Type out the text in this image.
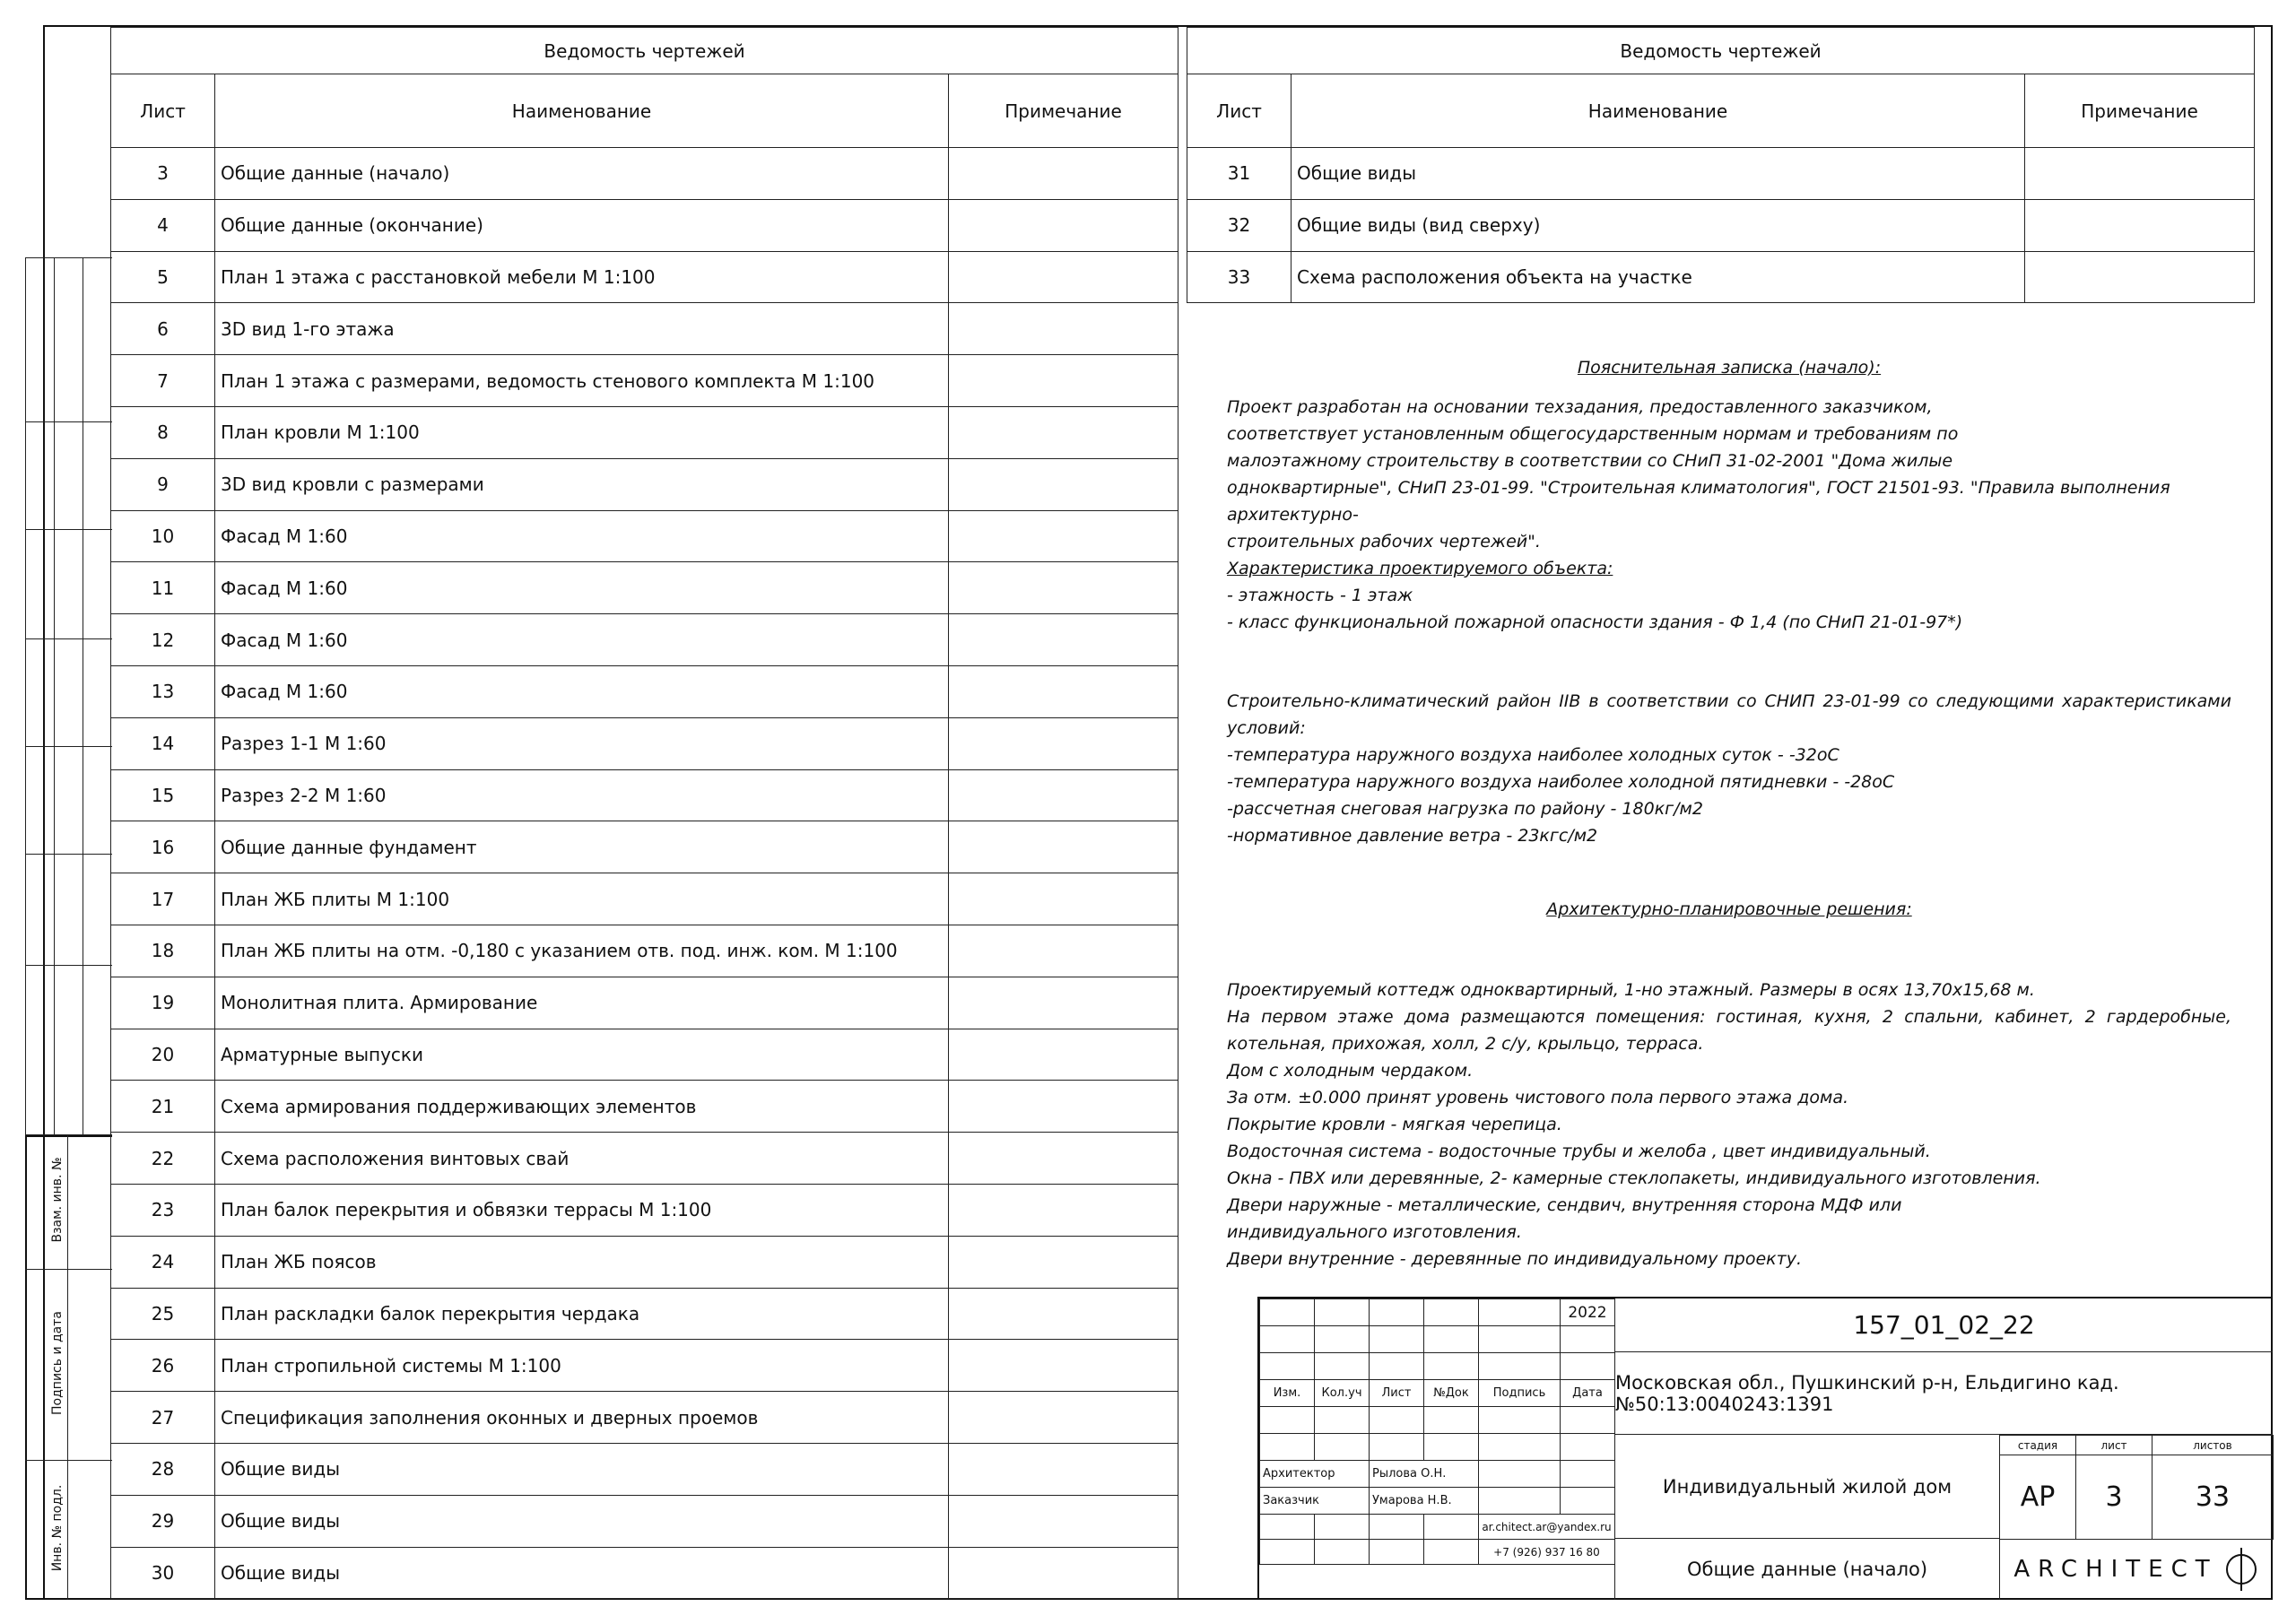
Взам. инв. №
Подпись и дата
Инв. № подл.
Ведомость чертежей		
Лист	Наименование	Примечание
3	Общие данные (начало)	
4	Общие данные (окончание)	
5	План 1 этажа с расстановкой мебели М 1:100	
6	3D вид 1-го этажа	
7	План 1 этажа с размерами, ведомость стенового комплекта М 1:100	
8	План кровли М 1:100	
9	3D вид кровли с размерами	
10	Фасад М 1:60	
11	Фасад М 1:60	
12	Фасад М 1:60	
13	Фасад М 1:60	
14	Разрез 1-1 М 1:60	
15	Разрез 2-2 М 1:60	
16	Общие данные фундамент	
17	План ЖБ плиты М 1:100	
18	План ЖБ плиты на отм. -0,180 с указанием отв. под. инж. ком. М 1:100	
19	Монолитная плита. Армирование	
20	Арматурные выпуски	
21	Схема армирования поддерживающих элементов	
22	Схема расположения винтовых свай	
23	План балок перекрытия и обвязки террасы М 1:100	
24	План ЖБ поясов	
25	План раскладки балок перекрытия чердака	
26	План стропильной системы М 1:100	
27	Спецификация заполнения оконных и дверных проемов	
28	Общие виды	
29	Общие виды	
30	Общие виды	
Ведомость чертежей		
Лист	Наименование	Примечание
31	Общие виды	
32	Общие виды (вид сверху)	
33	Схема расположения объекта на участке	
Пояснительная записка (начало):
Проект разработан на основании техзадания, предоставленного заказчиком,
соответствует установленным общегосударственным нормам и требованиям по
малоэтажному строительству в соответствии со СНиП 31-02-2001 "Дома жилые
одноквартирные", СНиП 23-01-99. "Строительная климатология", ГОСТ 21501-93. "Правила выполнения архитектурно-
строительных рабочих чертежей".
Характеристика проектируемого объекта:
- этажность - 1 этаж
- класс функциональной пожарной опасности здания - Ф 1,4 (по СНиП 21-01-97*)
Строительно-климатический район IIВ в соответствии со СНИП 23-01-99 со следующими характеристиками условий:
-температура наружного воздуха наиболее холодных суток - -32oC
-температура наружного воздуха наиболее холодной пятидневки - -28oC
-рассчетная снеговая нагрузка по району - 180кг/м2
-нормативное давление ветра - 23кгс/м2
Архитектурно-планировочные решения:
Проектируемый коттедж одноквартирный, 1-но этажный. Размеры в осях 13,70х15,68 м.
На первом этаже дома размещаются помещения: гостиная, кухня, 2 спальни, кабинет, 2 гардеробные, котельная, прихожая, холл, 2 с/у, крыльцо, терраса.
Дом с холодным чердаком.
За отм. ±0.000 принят уровень чистового пола первого этажа дома.
Покрытие кровли - мягкая черепица.
Водосточная система - водосточные трубы и желоба , цвет индивидуальный.
Окна - ПВХ или деревянные, 2- камерные стеклопакеты, индивидуального изготовления.
Двери наружные - металлические, сендвич, внутренняя сторона МДФ или
индивидуального изготовления.
Двери внутренние - деревянные по индивидуальному проекту.
					2022

Изм.	Кол.уч	Лист	№Док	Подпись	Дата

Архитектор		Рылова О.Н.			
Заказчик		Умарова Н.В.			
				ar.chitect.ar@yandex.ru	
				+7 (926) 937 16 80	
157_01_02_22
Московская обл., Пушкинский р-н, Ельдигино кад. №50:13:0040243:1391
Индивидуальный жилой дом
Общие данные (начало)
стадия	лист	листов
АР	3	33
ARCHITECT
